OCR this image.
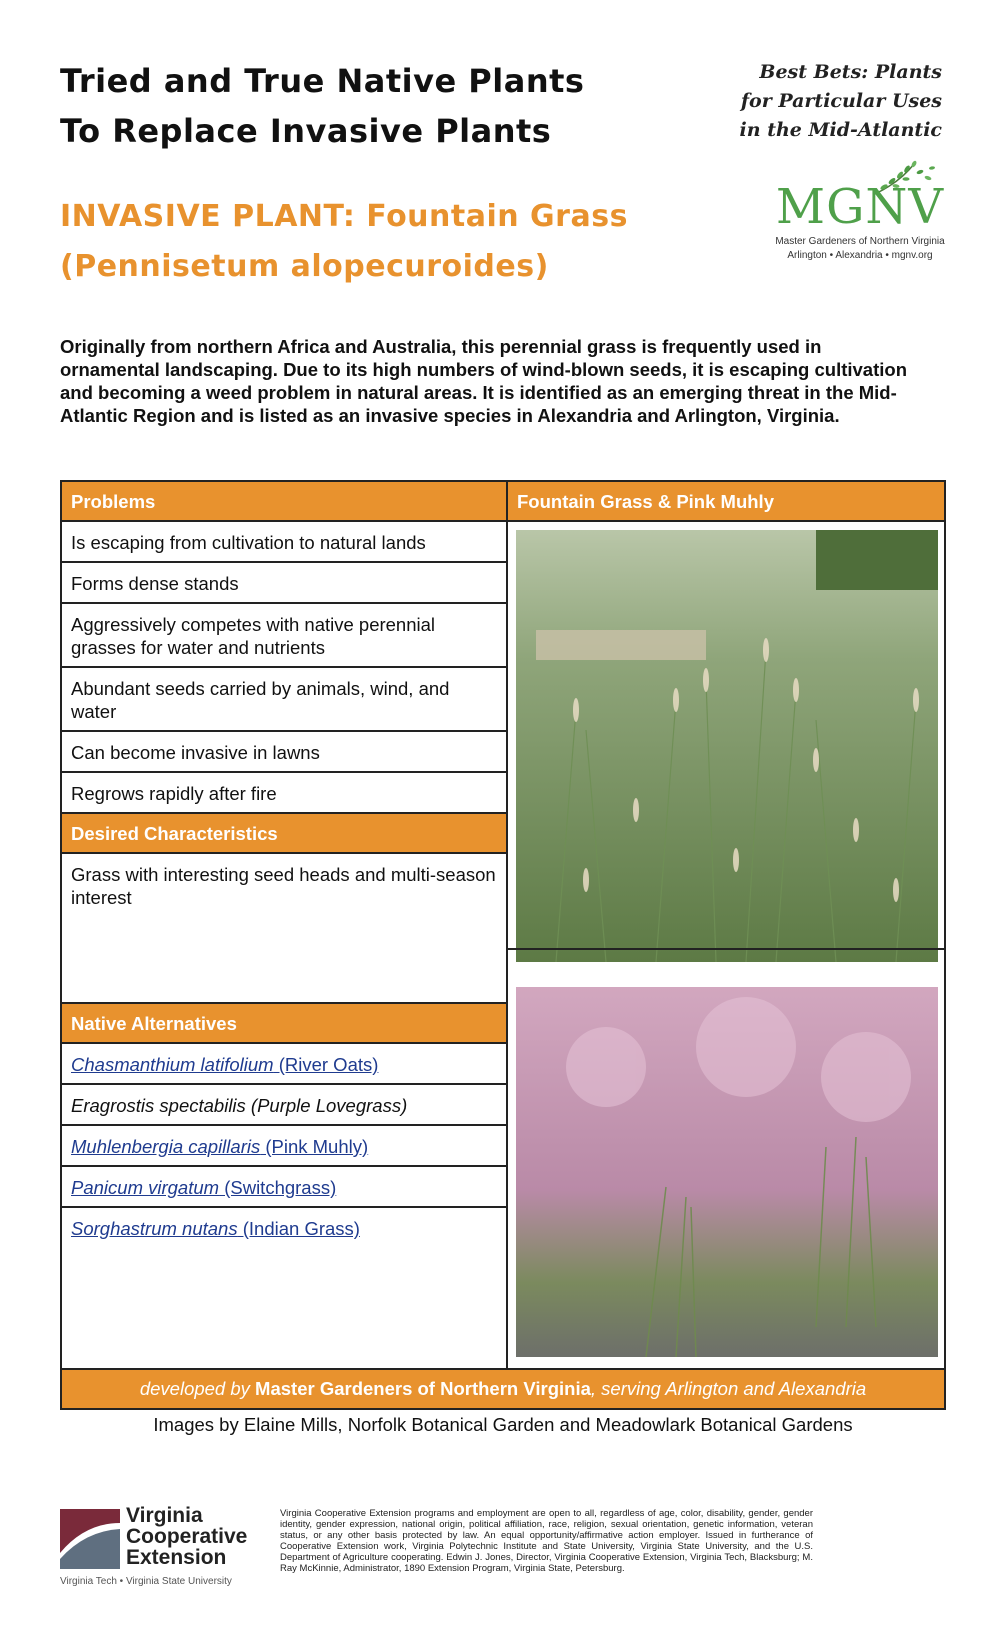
Tried and True Native Plants
To Replace Invasive Plants
Best Bets: Plants
for Particular Uses
in the Mid-Atlantic
INVASIVE PLANT: Fountain Grass
(Pennisetum alopecuroides)
MGNV
Master Gardeners of Northern Virginia
Arlington • Alexandria • mgnv.org

Originally from northern Africa and Australia, this perennial grass is frequently used in ornamental landscaping. Due to its high numbers of wind-blown seeds, it is escaping cultivation and becoming a weed problem in natural areas. It is identified as an emerging threat in the Mid-Atlantic Region and is listed as an invasive species in Alexandria and Arlington, Virginia.

Problems
Is escaping from cultivation to natural lands
Forms dense stands
Aggressively competes with native perennial grasses for water and nutrients
Abundant seeds carried by animals, wind, and water
Can become invasive in lawns
Regrows rapidly after fire
Desired Characteristics
Grass with interesting seed heads and multi-season interest
Native Alternatives
Chasmanthium latifolium (River Oats)
Eragrostis spectabilis (Purple Lovegrass)
Muhlenbergia capillaris (Pink Muhly)
Panicum virgatum (Switchgrass)
Sorghastrum nutans (Indian Grass)
Fountain Grass & Pink Muhly
developed by Master Gardeners of Northern Virginia, serving Arlington and Alexandria
Images by Elaine Mills, Norfolk Botanical Garden and Meadowlark Botanical Gardens
Virginia
Cooperative
Extension
Virginia Tech • Virginia State University

Virginia Cooperative Extension programs and employment are open to all, regardless of age, color, disability, gender, gender identity, gender expression, national origin, political affiliation, race, religion, sexual orientation, genetic information, veteran status, or any other basis protected by law. An equal opportunity/affirmative action employer. Issued in furtherance of Cooperative Extension work, Virginia Polytechnic Institute and State University, Virginia State University, and the U.S. Department of Agriculture cooperating. Edwin J. Jones, Director, Virginia Cooperative Extension, Virginia Tech, Blacksburg; M. Ray McKinnie, Administrator, 1890 Extension Program, Virginia State, Petersburg.
